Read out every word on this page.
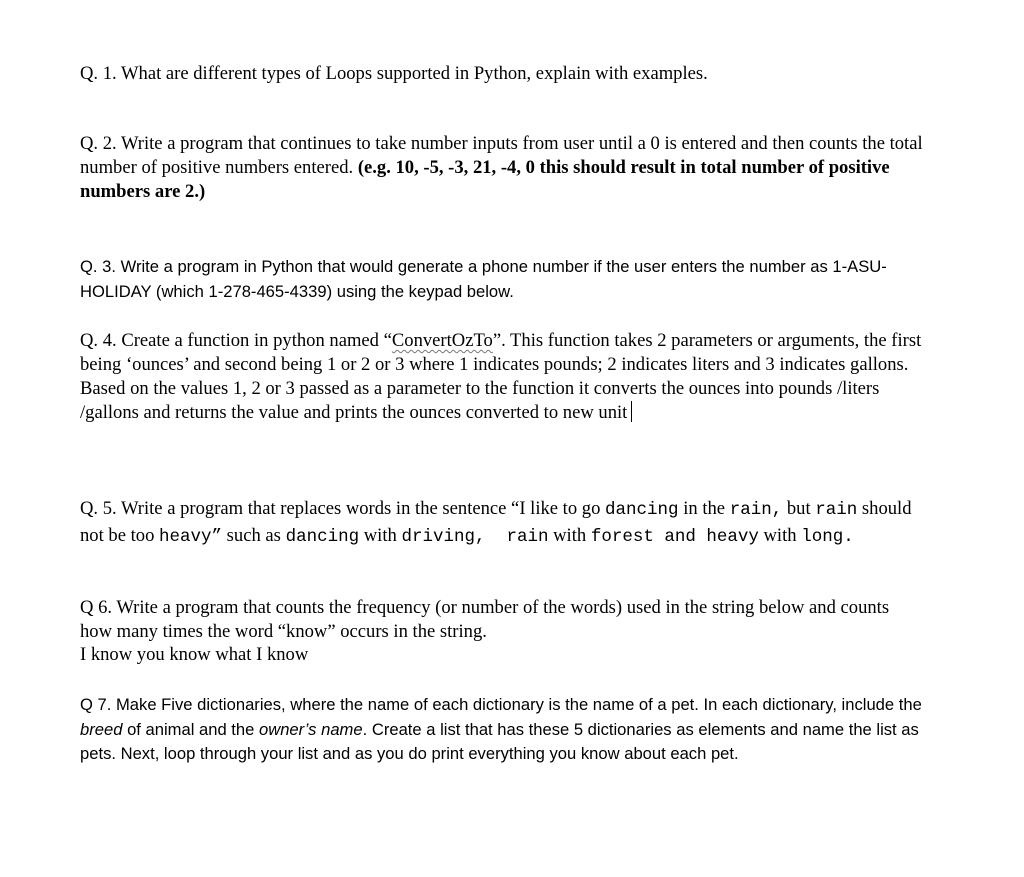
Q. 1. What are different types of Loops supported in Python, explain with examples.

Q. 2. Write a program that continues to take number inputs from user until a 0 is entered and then counts the total number of positive numbers entered. (e.g. 10, -5, -3, 21, -4, 0 this should result in total number of positive numbers are 2.)

Q. 3. Write a program in Python that would generate a phone number if the user enters the number as 1-ASU-HOLIDAY (which 1-278-465-4339) using the keypad below.

Q. 4. Create a function in python named “ConvertOzTo”. This function takes 2 parameters or arguments, the first being ‘ounces’ and second being 1 or 2 or 3 where 1 indicates pounds; 2 indicates liters and 3 indicates gallons. Based on the values 1, 2 or 3 passed as a parameter to the function it converts the ounces into pounds /liters /gallons and returns the value and prints the ounces converted to new unit

Q. 5. Write a program that replaces words in the sentence “I like to go dancing in the rain, but rain should not be too heavy” such as dancing with driving,  rain with forest and heavy with long.

Q 6. Write a program that counts the frequency (or number of the words) used in the string below and counts how many times the word “know” occurs in the string.
I know you know what I know

Q 7. Make Five dictionaries, where the name of each dictionary is the name of a pet. In each dictionary, include the breed of animal and the owner’s name. Create a list that has these 5 dictionaries as elements and name the list as pets. Next, loop through your list and as you do print everything you know about each pet.
